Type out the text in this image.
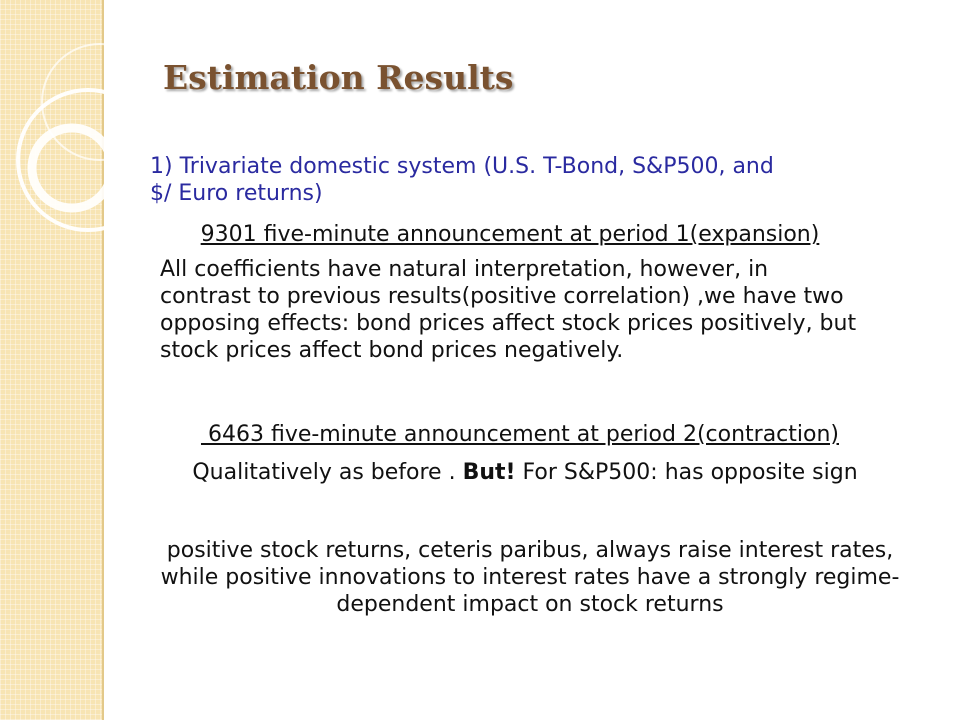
Estimation Results

1) Trivariate domestic system (U.S. T-Bond, S&P500, and $/ Euro returns)

9301 five-minute announcement at period 1(expansion)

All coefficients have natural interpretation, however, in contrast to previous results(positive correlation) ,we have two opposing effects: bond prices affect stock prices positively, but stock prices affect bond prices negatively.

6463 five-minute announcement at period 2(contraction)

Qualitatively as before . But! For S&P500: has opposite sign

positive stock returns, ceteris paribus, always raise interest rates, while positive innovations to interest rates have a strongly regime- dependent impact on stock returns
